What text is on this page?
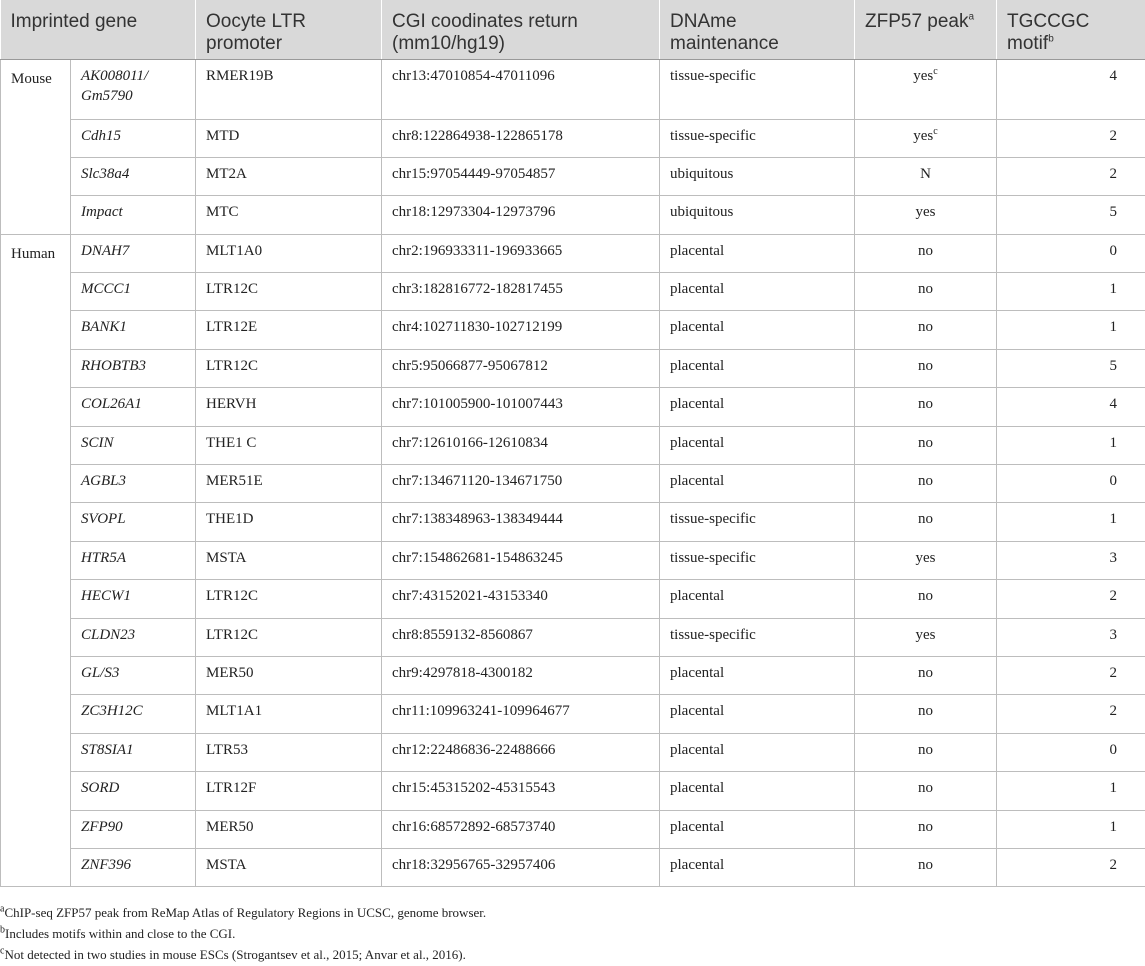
Imprinted gene		Oocyte LTR promoter	CGI coodinates return (mm10/hg19)	DNAme maintenance	ZFP57 peak$^a$	TGCCGC motif$^b$
Mouse	AK008011/ Gm5790	RMER19B	chr13:47010854-47011096	tissue-specific	yes$^c$	4
	Cdh15	MTD	chr8:122864938-122865178	tissue-specific	yes$^c$	2
	Slc38a4	MT2A	chr15:97054449-97054857	ubiquitous	N	2
	Impact	MTC	chr18:12973304-12973796	ubiquitous	yes	5
Human	DNAH7	MLT1A0	chr2:196933311-196933665	placental	no	0
	MCCC1	LTR12C	chr3:182816772-182817455	placental	no	1
	BANK1	LTR12E	chr4:102711830-102712199	placental	no	1
	RHOBTB3	LTR12C	chr5:95066877-95067812	placental	no	5
	COL26A1	HERVH	chr7:101005900-101007443	placental	no	4
	SCIN	THE1 C	chr7:12610166-12610834	placental	no	1
	AGBL3	MER51E	chr7:134671120-134671750	placental	no	0
	SVOPL	THE1D	chr7:138348963-138349444	tissue-specific	no	1
	HTR5A	MSTA	chr7:154862681-154863245	tissue-specific	yes	3
	HECW1	LTR12C	chr7:43152021-43153340	placental	no	2
	CLDN23	LTR12C	chr8:8559132-8560867	tissue-specific	yes	3
	GL/S3	MER50	chr9:4297818-4300182	placental	no	2
	ZC3H12C	MLT1A1	chr11:109963241-109964677	placental	no	2
	ST8SIA1	LTR53	chr12:22486836-22488666	placental	no	0
	SORD	LTR12F	chr15:45315202-45315543	placental	no	1
	ZFP90	MER50	chr16:68572892-68573740	placental	no	1
	ZNF396	MSTA	chr18:32956765-32957406	placental	no	2
$^a$ChIP-seq ZFP57 peak from ReMap Atlas of Regulatory Regions in UCSC, genome browser.
$^b$Includes motifs within and close to the CGI.
$^c$Not detected in two studies in mouse ESCs (Strogantsev et al., 2015; Anvar et al., 2016).
